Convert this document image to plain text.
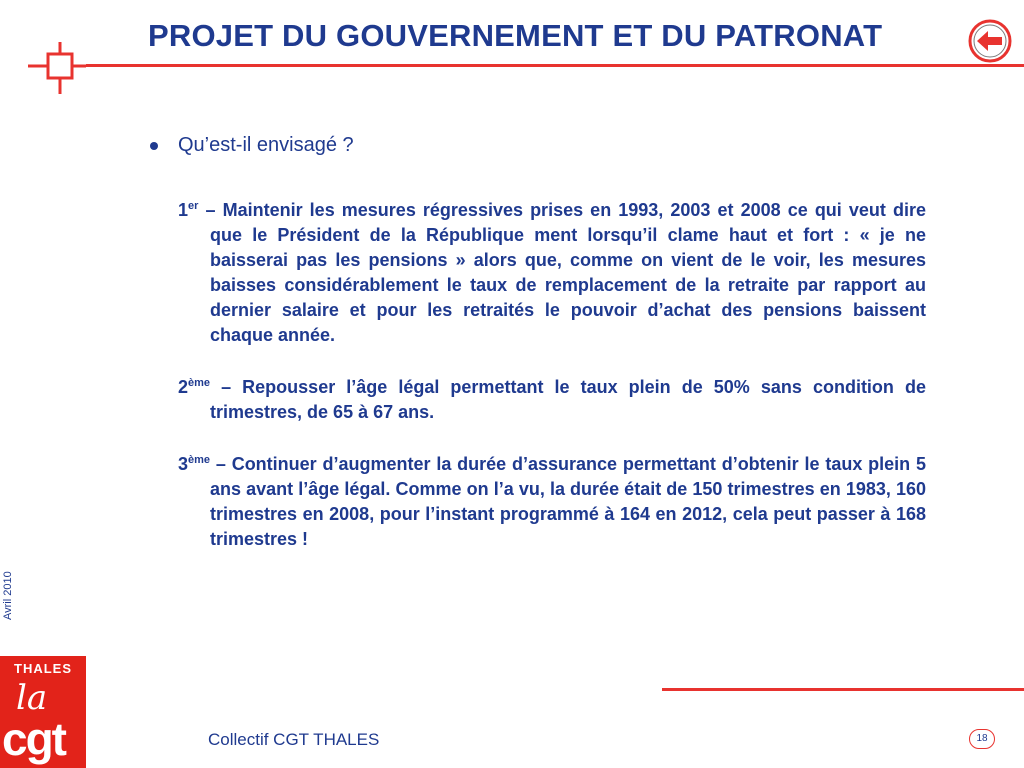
PROJET DU GOUVERNEMENT ET DU PATRONAT
Qu’est-il envisagé ?

1er – Maintenir les mesures régressives prises en 1993, 2003 et 2008 ce qui veut dire que le Président de la République ment lorsqu’il clame haut et fort : « je ne baisserai pas les pensions » alors que, comme on vient de le voir, les mesures baisses considérablement le taux de remplacement de la retraite par rapport au dernier salaire et pour les retraités le pouvoir d’achat des pensions baissent chaque année.

2ème – Repousser l’âge légal permettant le taux plein de 50% sans condition de trimestres, de 65 à 67 ans.

3ème – Continuer d’augmenter la durée d’assurance permettant d’obtenir le taux plein 5 ans avant l’âge légal. Comme on l’a vu, la durée était de 150 trimestres en 1983, 160 trimestres en 2008, pour l’instant programmé à 164 en 2012, cela peut passer à 168 trimestres !

Avril 2010
THALES
la
cgt	Collectif CGT THALES	18
